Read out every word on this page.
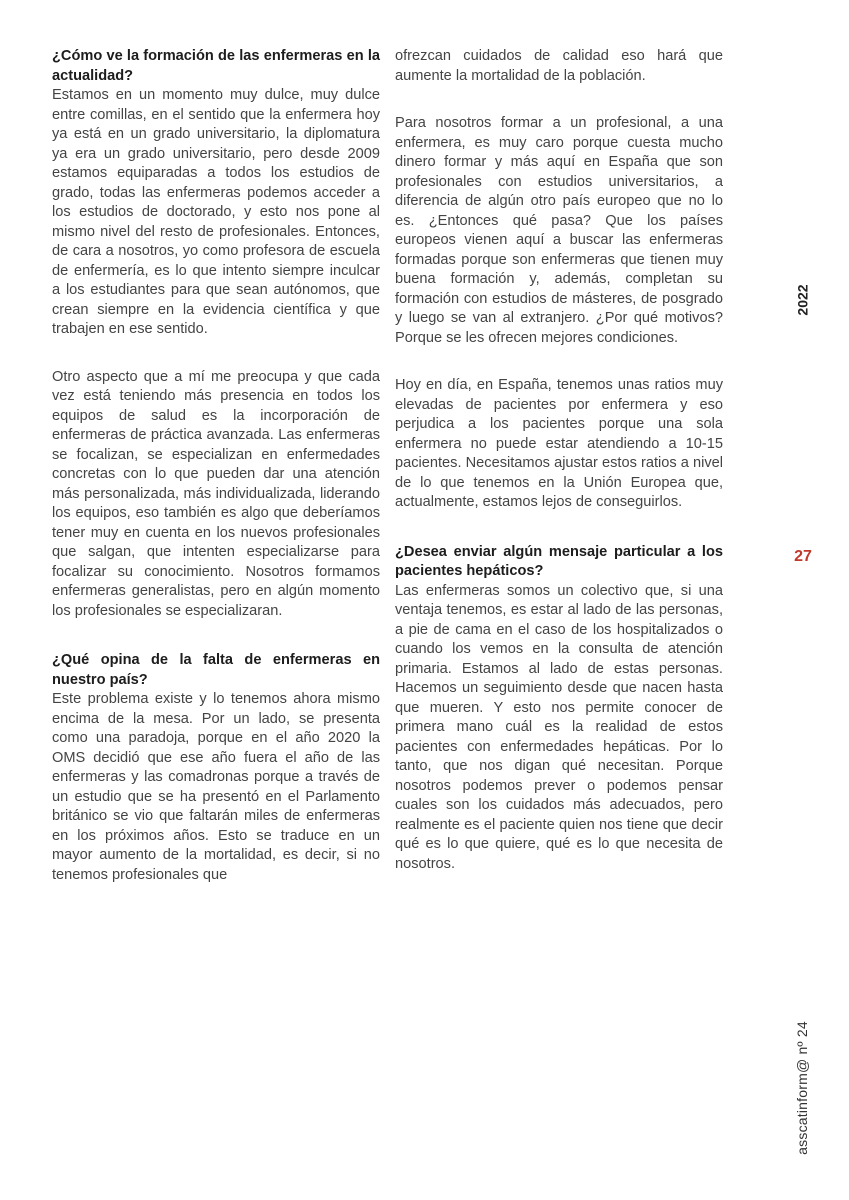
¿Cómo ve la formación de las enfermeras en la actualidad?

Estamos en un momento muy dulce, muy dulce entre comillas, en el sentido que la enfermera hoy ya está en un grado universitario, la diplomatura ya era un grado universitario, pero desde 2009 estamos equiparadas a todos los estudios de grado, todas las enfermeras podemos acceder a los estudios de doctorado, y esto nos pone al mismo nivel del resto de profesionales. Entonces, de cara a nosotros, yo como profesora de escuela de enfermería, es lo que intento siempre inculcar a los estudiantes para que sean autónomos, que crean siempre en la evidencia científica y que trabajen en ese sentido.

Otro aspecto que a mí me preocupa y que cada vez está teniendo más presencia en todos los equipos de salud es la incorporación de enfermeras de práctica avanzada. Las enfermeras se focalizan, se especializan en enfermedades concretas con lo que pueden dar una atención más personalizada, más individualizada, liderando los equipos, eso también es algo que deberíamos tener muy en cuenta en los nuevos profesionales que salgan, que intenten especializarse para focalizar su conocimiento. Nosotros formamos enfermeras generalistas, pero en algún momento los profesionales se especializaran.

¿Qué opina de la falta de enfermeras en nuestro país?

Este problema existe y lo tenemos ahora mismo encima de la mesa. Por un lado, se presenta como una paradoja, porque en el año 2020 la OMS decidió que ese año fuera el año de las enfermeras y las comadronas porque a través de un estudio que se ha presentó en el Parlamento británico se vio que faltarán miles de enfermeras en los próximos años. Esto se traduce en un mayor aumento de la mortalidad, es decir, si no tenemos profesionales que

ofrezcan cuidados de calidad eso hará que aumente la mortalidad de la población.

Para nosotros formar a un profesional, a una enfermera, es muy caro porque cuesta mucho dinero formar y más aquí en España que son profesionales con estudios universitarios, a diferencia de algún otro país europeo que no lo es. ¿Entonces qué pasa? Que los países europeos vienen aquí a buscar las enfermeras formadas porque son enfermeras que tienen muy buena formación y, además, completan su formación con estudios de másteres, de posgrado y luego se van al extranjero. ¿Por qué motivos? Porque se les ofrecen mejores condiciones.

Hoy en día, en España, tenemos unas ratios muy elevadas de pacientes por enfermera y eso perjudica a los pacientes porque una sola enfermera no puede estar atendiendo a 10-15 pacientes. Necesitamos ajustar estos ratios a nivel de lo que tenemos en la Unión Europea que, actualmente, estamos lejos de conseguirlos.

¿Desea enviar algún mensaje particular a los pacientes hepáticos?

Las enfermeras somos un colectivo que, si una ventaja tenemos, es estar al lado de las personas, a pie de cama en el caso de los hospitalizados o cuando los vemos en la consulta de atención primaria. Estamos al lado de estas personas. Hacemos un seguimiento desde que nacen hasta que mueren. Y esto nos permite conocer de primera mano cuál es la realidad de estos pacientes con enfermedades hepáticas. Por lo tanto, que nos digan qué necesitan. Porque nosotros podemos prever o podemos pensar cuales son los cuidados más adecuados, pero realmente es el paciente quien nos tiene que decir qué es lo que quiere, qué es lo que necesita de nosotros.

2022
27
asscatinform@ nº 24
